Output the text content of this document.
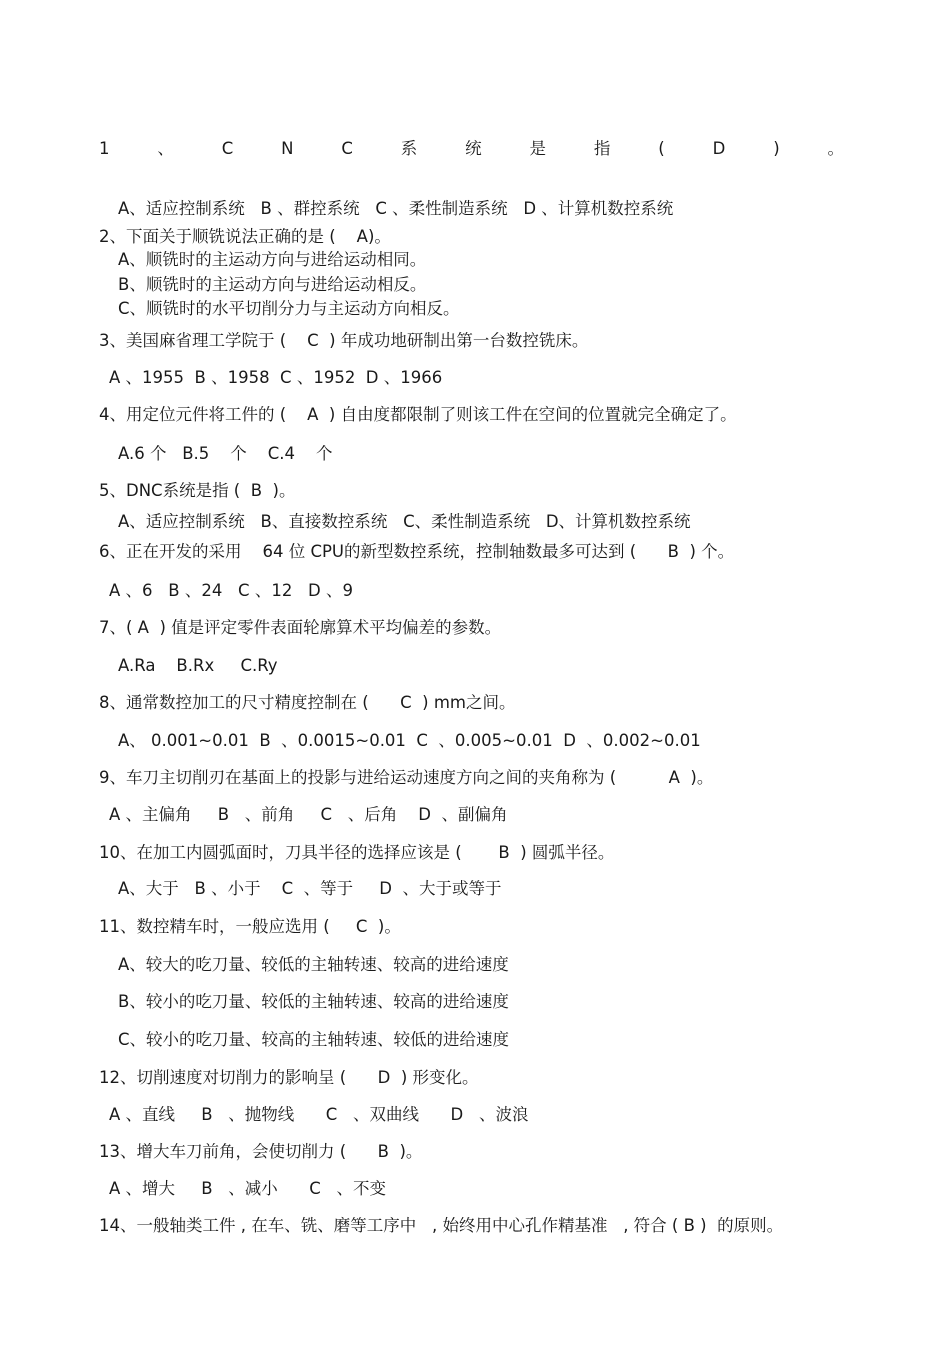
1	、	C	N	C	系	统	是	指	(	D	)	。
A、适应控制系统   B 、群控系统   C 、柔性制造系统   D 、计算机数控系统
2、下面关于顺铣说法正确的是 (    A)。
A、顺铣时的主运动方向与进给运动相同。
B、顺铣时的主运动方向与进给运动相反。
C、顺铣时的水平切削分力与主运动方向相反。
3、美国麻省理工学院于 (    C  ) 年成功地研制出第一台数控铣床。
A 、1955  B 、1958  C 、1952  D 、1966
4、用定位元件将工件的 (    A  ) 自由度都限制了则该工件在空间的位置就完全确定了。
A.6 个   B.5    个    C.4    个
5、DNC系统是指 (  B  )。
A、适应控制系统   B、直接数控系统   C、柔性制造系统   D、计算机数控系统
6、正在开发的采用    64 位 CPU的新型数控系统，控制轴数最多可达到 (      B  ) 个。
A 、6   B 、24   C 、12   D 、9
7、( A  ) 值是评定零件表面轮廓算术平均偏差的参数。
A.Ra    B.Rx     C.Ry
8、通常数控加工的尺寸精度控制在 (      C  ) mm之间。
A、 0.001~0.01  B  、0.0015~0.01  C  、0.005~0.01  D  、0.002~0.01
9、车刀主切削刃在基面上的投影与进给运动速度方向之间的夹角称为 (          A  )。
A 、主偏角     B   、前角     C   、后角    D  、副偏角
10、在加工内圆弧面时，刀具半径的选择应该是 (       B  ) 圆弧半径。
A、大于   B 、小于    C  、等于     D  、大于或等于
11、数控精车时，一般应选用 (     C  )。
A、较大的吃刀量、较低的主轴转速、较高的进给速度
B、较小的吃刀量、较低的主轴转速、较高的进给速度
C、较小的吃刀量、较高的主轴转速、较低的进给速度
12、切削速度对切削力的影响呈 (      D  ) 形变化。
A 、直线     B   、抛物线      C   、双曲线      D   、波浪
13、增大车刀前角，会使切削力 (      B  )。
A 、增大     B   、减小      C   、不变
14、一般轴类工件 , 在车、铣、磨等工序中   , 始终用中心孔作精基准   , 符合 ( B )  的原则。
